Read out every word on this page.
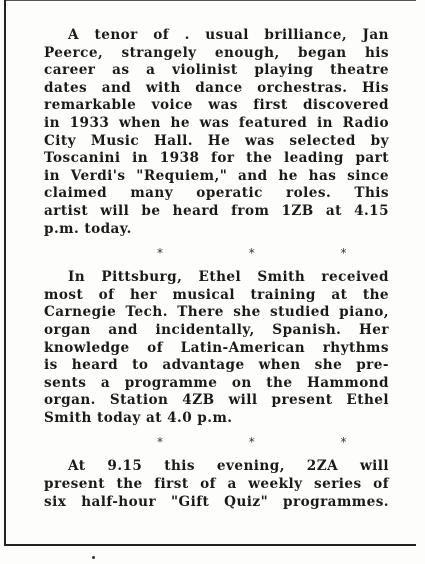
A tenor of . usual brilliance, Jan
Peerce, strangely enough, began his
career as a violinist playing theatre
dates and with dance orchestras. His
remarkable voice was first discovered
in 1933 when he was featured in Radio
City Music Hall. He was selected by
Toscanini in 1938 for the leading part
in Verdi's "Requiem," and he has since
claimed many operatic roles. This
artist will be heard from 1ZB at 4.15
p.m. today.

*	*	*

In Pittsburg, Ethel Smith received
most of her musical training at the
Carnegie Tech. There she studied piano,
organ and incidentally, Spanish. Her
knowledge of Latin-American rhythms
is heard to advantage when she pre-
sents a programme on the Hammond
organ. Station 4ZB will present Ethel
Smith today at 4.0 p.m.

*	*	*

At 9.15 this evening, 2ZA will
present the first of a weekly series of
six half-hour "Gift Quiz" programmes.
